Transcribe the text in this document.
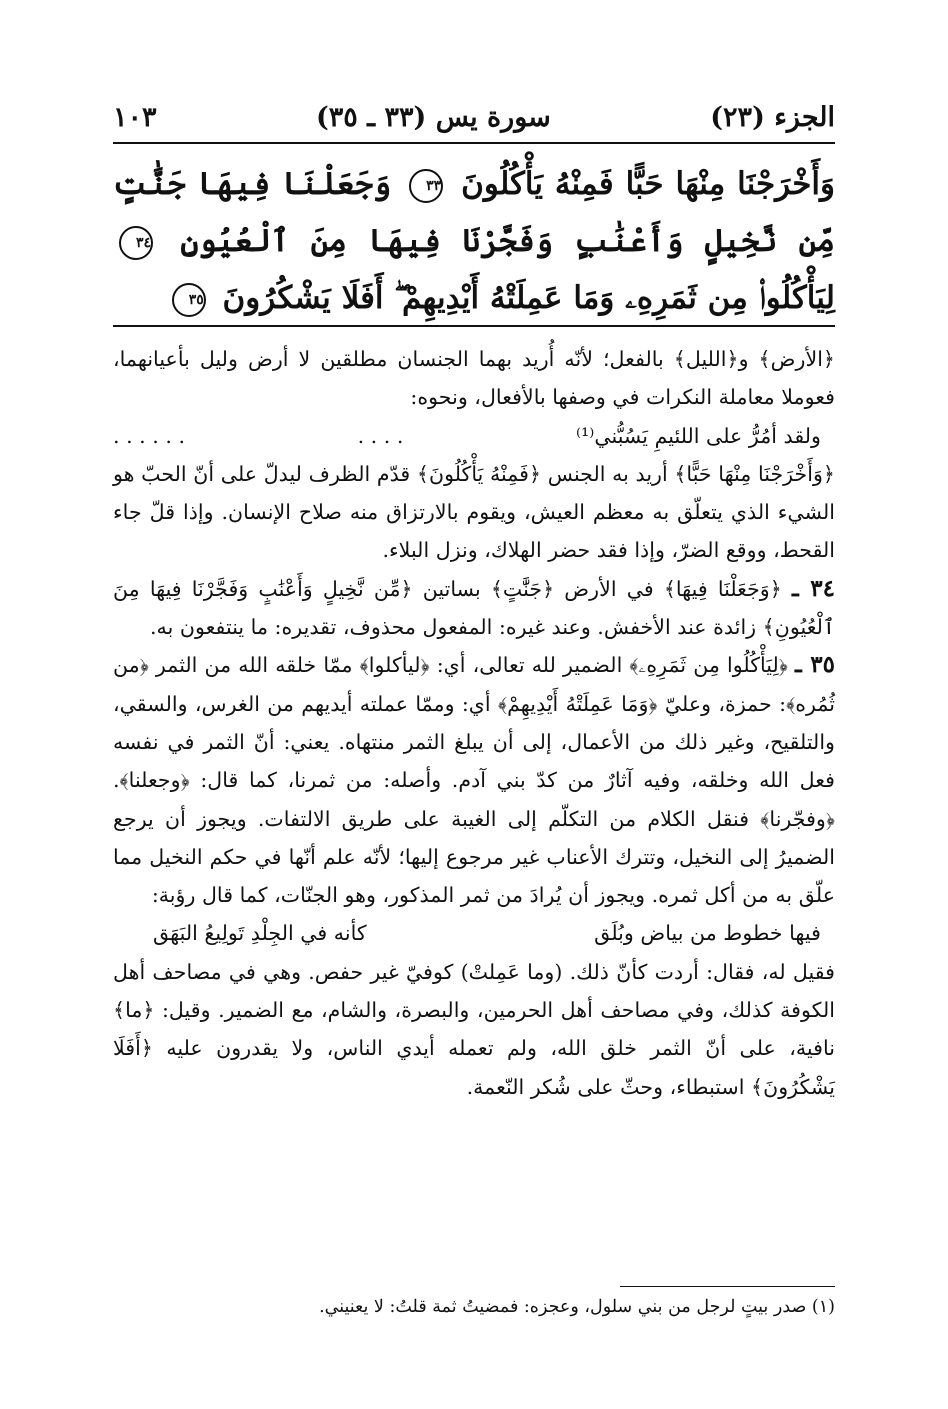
الجزء (٢٣)
سورة يس (٣٣ ـ ٣٥)
١٠٣
وَأَخْرَجْنَا مِنْهَا حَبًّا فَمِنْهُ يَأْكُلُونَ ٣٣ وَجَعَلْنَا فِيهَا جَنَّٰتٍ مِّن نَّخِيلٍ وَأَعْنَٰبٍ وَفَجَّرْنَا فِيهَا مِنَ ٱلْعُيُونِ ٣٤ لِيَأْكُلُوا۟ مِن ثَمَرِهِۦ وَمَا عَمِلَتْهُ أَيْدِيهِمْ ۖ أَفَلَا يَشْكُرُونَ ٣٥

﴿الأرض﴾ و﴿الليل﴾ بالفعل؛ لأنّه أُريد بهما الجنسان مطلقين لا أرض وليل بأعيانهما، فعوملا معاملة النكرات في وصفها بالأفعال، ونحوه:

ولقد أمُرُّ على اللئيمِ يَسُبُّني⁽¹⁾
. . . .
. . . . . .

﴿وَأَخْرَجْنَا مِنْهَا حَبًّا﴾ أريد به الجنس ﴿فَمِنْهُ يَأْكُلُونَ﴾ قدّم الظرف ليدلّ على أنّ الحبّ هو الشيء الذي يتعلّق به معظم العيش، ويقوم بالارتزاق منه صلاح الإنسان. وإذا قلّ جاء القحط، ووقع الضرّ، وإذا فقد حضر الهلاك، ونزل البلاء.

٣٤ ـ ﴿وَجَعَلْنَا فِيهَا﴾ في الأرض ﴿جَنَّٰتٍ﴾ بساتين ﴿مِّن نَّخِيلٍ وَأَعْنَٰبٍ وَفَجَّرْنَا فِيهَا مِنَ ٱلْعُيُونِ﴾ زائدة عند الأخفش. وعند غيره: المفعول محذوف، تقديره: ما ينتفعون به.

٣٥ ـ ﴿لِيَأْكُلُوا مِن ثَمَرِهِۦ﴾ الضمير لله تعالى، أي: ﴿ليأكلوا﴾ ممّا خلقه الله من الثمر ﴿من ثُمُره﴾: حمزة، وعليّ ﴿وَمَا عَمِلَتْهُ أَيْدِيهِمْ﴾ أي: وممّا عملته أيديهم من الغرس، والسقي، والتلقيح، وغير ذلك من الأعمال، إلى أن يبلغ الثمر منتهاه. يعني: أنّ الثمر في نفسه فعل الله وخلقه، وفيه آثارٌ من كدّ بني آدم. وأصله: من ثمرنا، كما قال: ﴿وجعلنا﴾. ﴿وفجّرنا﴾ فنقل الكلام من التكلّم إلى الغيبة على طريق الالتفات. ويجوز أن يرجع الضميرُ إلى النخيل، وتترك الأعناب غير مرجوع إليها؛ لأنّه علم أنّها في حكم النخيل مما علّق به من أكل ثمره. ويجوز أن يُرادَ من ثمر المذكور، وهو الجنّات، كما قال رؤبة:

فيها خطوط من بياض وبُلَق
كأنه في الجِلْدِ تَولِيعُ البَهَق

فقيل له، فقال: أردت كأنّ ذلك. (وما عَمِلتْ) كوفيّ غير حفص. وهي في مصاحف أهل الكوفة كذلك، وفي مصاحف أهل الحرمين، والبصرة، والشام، مع الضمير. وقيل: ﴿ما﴾ نافية، على أنّ الثمر خلق الله، ولم تعمله أيدي الناس، ولا يقدرون عليه ﴿أَفَلَا يَشْكُرُونَ﴾ استبطاء، وحثّ على شُكر النّعمة.

(١) صدر بيتٍ لرجل من بني سلول، وعجزه: فمضيتُ ثمة قلتُ: لا يعنيني.
